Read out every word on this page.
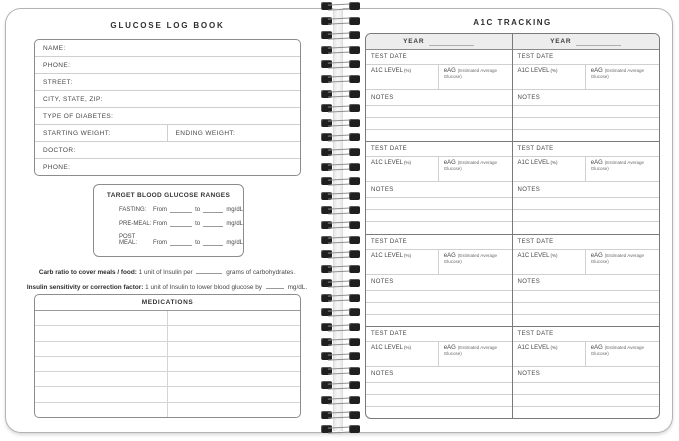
GLUCOSE LOG BOOK
NAME:
PHONE:
STREET:
CITY, STATE, ZIP:
TYPE OF DIABETES:
STARTING WEIGHT:	ENDING WEIGHT:
DOCTOR:
PHONE:
TARGET BLOOD GLUCOSE RANGES
FASTING:	From	to	mg/dL
PRE-MEAL: From	to	mg/dL
POST MEAL:	From	to	mg/dL
Carb ratio to cover meals / food: 1 unit of Insulin per	grams of carbohydrates.
Insulin sensitivity or correction factor: 1 unit of Insulin to lower blood glucose by	mg/dL.
MEDICATIONS
A1C TRACKING
YEAR
TEST DATE
A1C LEVEL(%)	eAG (Estimated Average Glucose)
NOTES
TEST DATE
A1C LEVEL(%)	eAG (Estimated Average Glucose)
NOTES
TEST DATE
A1C LEVEL(%)	eAG (Estimated Average Glucose)
NOTES
TEST DATE
A1C LEVEL(%)	eAG (Estimated Average Glucose)
NOTES
YEAR
TEST DATE
A1C LEVEL(%)	eAG (Estimated Average Glucose)
NOTES
TEST DATE
A1C LEVEL(%)	eAG (Estimated Average Glucose)
NOTES
TEST DATE
A1C LEVEL(%)	eAG (Estimated Average Glucose)
NOTES
TEST DATE
A1C LEVEL(%)	eAG (Estimated Average Glucose)
NOTES
